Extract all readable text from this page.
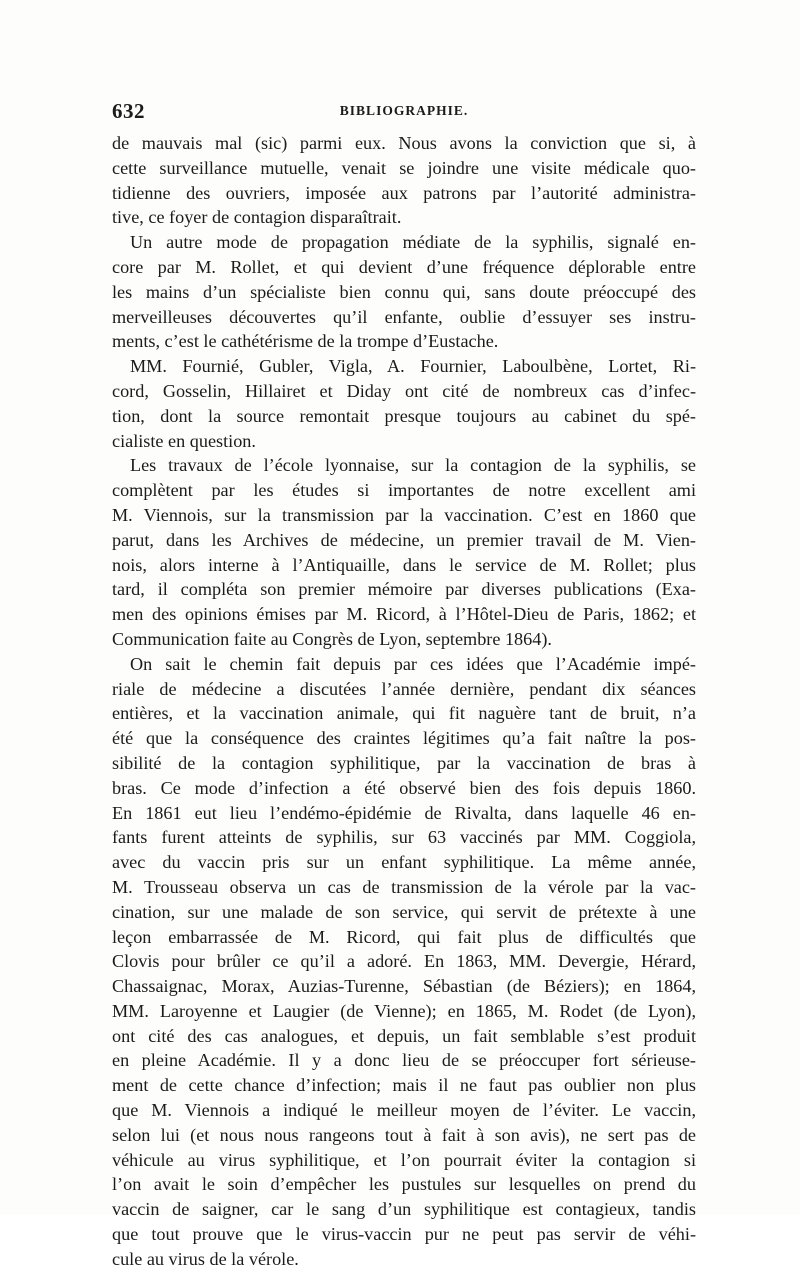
632	BIBLIOGRAPHIE.
de mauvais mal (sic) parmi eux. Nous avons la conviction que si, à
cette surveillance mutuelle, venait se joindre une visite médicale quo-
tidienne des ouvriers, imposée aux patrons par l’autorité administra-
tive, ce foyer de contagion disparaîtrait.
Un autre mode de propagation médiate de la syphilis, signalé en-
core par M. Rollet, et qui devient d’une fréquence déplorable entre
les mains d’un spécialiste bien connu qui, sans doute préoccupé des
merveilleuses découvertes qu’il enfante, oublie d’essuyer ses instru-
ments, c’est le cathétérisme de la trompe d’Eustache.
MM. Fournié, Gubler, Vigla, A. Fournier, Laboulbène, Lortet, Ri-
cord, Gosselin, Hillairet et Diday ont cité de nombreux cas d’infec-
tion, dont la source remontait presque toujours au cabinet du spé-
cialiste en question.
Les travaux de l’école lyonnaise, sur la contagion de la syphilis, se
complètent par les études si importantes de notre excellent ami
M. Viennois, sur la transmission par la vaccination. C’est en 1860 que
parut, dans les Archives de médecine, un premier travail de M. Vien-
nois, alors interne à l’Antiquaille, dans le service de M. Rollet; plus
tard, il compléta son premier mémoire par diverses publications (Exa-
men des opinions émises par M. Ricord, à l’Hôtel-Dieu de Paris, 1862; et
Communication faite au Congrès de Lyon, septembre 1864).
On sait le chemin fait depuis par ces idées que l’Académie impé-
riale de médecine a discutées l’année dernière, pendant dix séances
entières, et la vaccination animale, qui fit naguère tant de bruit, n’a
été que la conséquence des craintes légitimes qu’a fait naître la pos-
sibilité de la contagion syphilitique, par la vaccination de bras à
bras. Ce mode d’infection a été observé bien des fois depuis 1860.
En 1861 eut lieu l’endémo-épidémie de Rivalta, dans laquelle 46 en-
fants furent atteints de syphilis, sur 63 vaccinés par MM. Coggiola,
avec du vaccin pris sur un enfant syphilitique. La même année,
M. Trousseau observa un cas de transmission de la vérole par la vac-
cination, sur une malade de son service, qui servit de prétexte à une
leçon embarrassée de M. Ricord, qui fait plus de difficultés que
Clovis pour brûler ce qu’il a adoré. En 1863, MM. Devergie, Hérard,
Chassaignac, Morax, Auzias-Turenne, Sébastian (de Béziers); en 1864,
MM. Laroyenne et Laugier (de Vienne); en 1865, M. Rodet (de Lyon),
ont cité des cas analogues, et depuis, un fait semblable s’est produit
en pleine Académie. Il y a donc lieu de se préoccuper fort sérieuse-
ment de cette chance d’infection; mais il ne faut pas oublier non plus
que M. Viennois a indiqué le meilleur moyen de l’éviter. Le vaccin,
selon lui (et nous nous rangeons tout à fait à son avis), ne sert pas de
véhicule au virus syphilitique, et l’on pourrait éviter la contagion si
l’on avait le soin d’empêcher les pustules sur lesquelles on prend du
vaccin de saigner, car le sang d’un syphilitique est contagieux, tandis
que tout prouve que le virus-vaccin pur ne peut pas servir de véhi-
cule au virus de la vérole.
